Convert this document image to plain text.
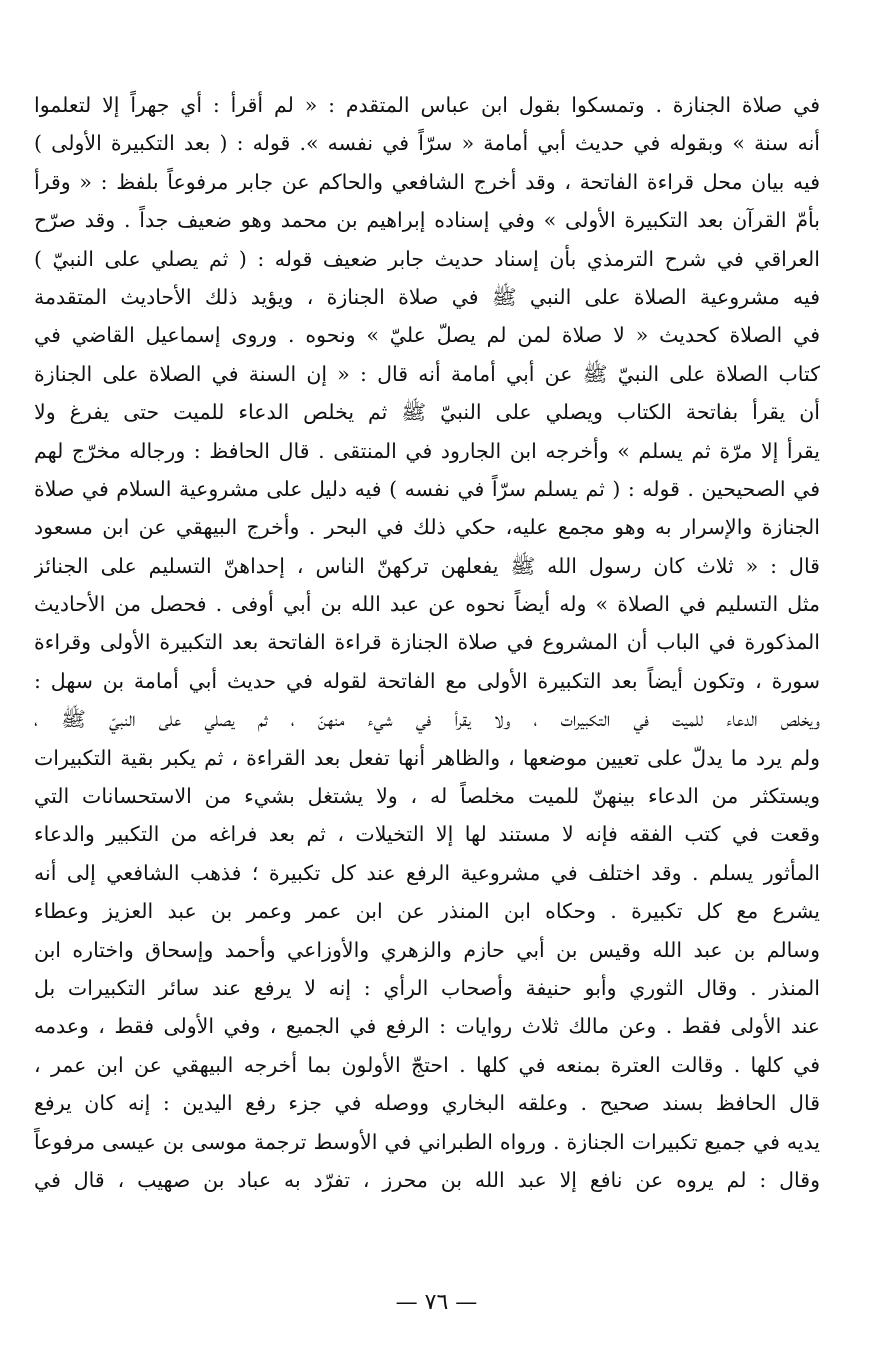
في صلاة الجنازة . وتمسكوا بقول ابن عباس المتقدم : « لم أقرأ : أي جهراً إلا لتعلموا
أنه سنة » وبقوله في حديث أبي أمامة « سرّاً في نفسه ». قوله : ( بعد التكبيرة الأولى )
فيه بيان محل قراءة الفاتحة ، وقد أخرج الشافعي والحاكم عن جابر مرفوعاً بلفظ : « وقرأ
بأمّ القرآن بعد التكبيرة الأولى » وفي إسناده إبراهيم بن محمد وهو ضعيف جداً . وقد صرّح
العراقي في شرح الترمذي بأن إسناد حديث جابر ضعيف قوله : ( ثم يصلي على النبيّ )
فيه مشروعية الصلاة على النبي ﷺ في صلاة الجنازة ، ويؤيد ذلك الأحاديث المتقدمة
في الصلاة كحديث « لا صلاة لمن لم يصلّ عليّ » ونحوه . وروى إسماعيل القاضي في
كتاب الصلاة على النبيّ ﷺ عن أبي أمامة أنه قال : « إن السنة في الصلاة على الجنازة
أن يقرأ بفاتحة الكتاب ويصلي على النبيّ ﷺ ثم يخلص الدعاء للميت حتى يفرغ ولا
يقرأ إلا مرّة ثم يسلم » وأخرجه ابن الجارود في المنتقى . قال الحافظ : ورجاله مخرّج لهم
في الصحيحين . قوله : ( ثم يسلم سرّاً في نفسه ) فيه دليل على مشروعية السلام في صلاة
الجنازة والإسرار به وهو مجمع عليه، حكي ذلك في البحر . وأخرج البيهقي عن ابن مسعود
قال : « ثلاث كان رسول الله ﷺ يفعلهن تركهنّ الناس ، إحداهنّ التسليم على الجنائز
مثل التسليم في الصلاة » وله أيضاً نحوه عن عبد الله بن أبي أوفى . فحصل من الأحاديث
المذكورة في الباب أن المشروع في صلاة الجنازة قراءة الفاتحة بعد التكبيرة الأولى وقراءة
سورة ، وتكون أيضاً بعد التكبيرة الأولى مع الفاتحة لقوله في حديث أبي أمامة بن سهل :
ويخلص الدعاء للميت في التكبيرات ، ولا يقرأ في شيء منهنّ ، ثم يصلي على النبيّ ﷺ ،
ولم يرد ما يدلّ على تعيين موضعها ، والظاهر أنها تفعل بعد القراءة ، ثم يكبر بقية التكبيرات
ويستكثر من الدعاء بينهنّ للميت مخلصاً له ، ولا يشتغل بشيء من الاستحسانات التي
وقعت في كتب الفقه فإنه لا مستند لها إلا التخيلات ، ثم بعد فراغه من التكبير والدعاء
المأثور يسلم . وقد اختلف في مشروعية الرفع عند كل تكبيرة ؛ فذهب الشافعي إلى أنه
يشرع مع كل تكبيرة . وحكاه ابن المنذر عن ابن عمر وعمر بن عبد العزيز وعطاء
وسالم بن عبد الله وقيس بن أبي حازم والزهري والأوزاعي وأحمد وإسحاق واختاره ابن
المنذر . وقال الثوري وأبو حنيفة وأصحاب الرأي : إنه لا يرفع عند سائر التكبيرات بل
عند الأولى فقط . وعن مالك ثلاث روايات : الرفع في الجميع ، وفي الأولى فقط ، وعدمه
في كلها . وقالت العترة بمنعه في كلها . احتجّ الأولون بما أخرجه البيهقي عن ابن عمر ،
قال الحافظ بسند صحيح . وعلقه البخاري ووصله في جزء رفع اليدين : إنه كان يرفع
يديه في جميع تكبيرات الجنازة . ورواه الطبراني في الأوسط ترجمة موسى بن عيسى مرفوعاً
وقال : لم يروه عن نافع إلا عبد الله بن محرز ، تفرّد به عباد بن صهيب ، قال في
— ٧٦ —
